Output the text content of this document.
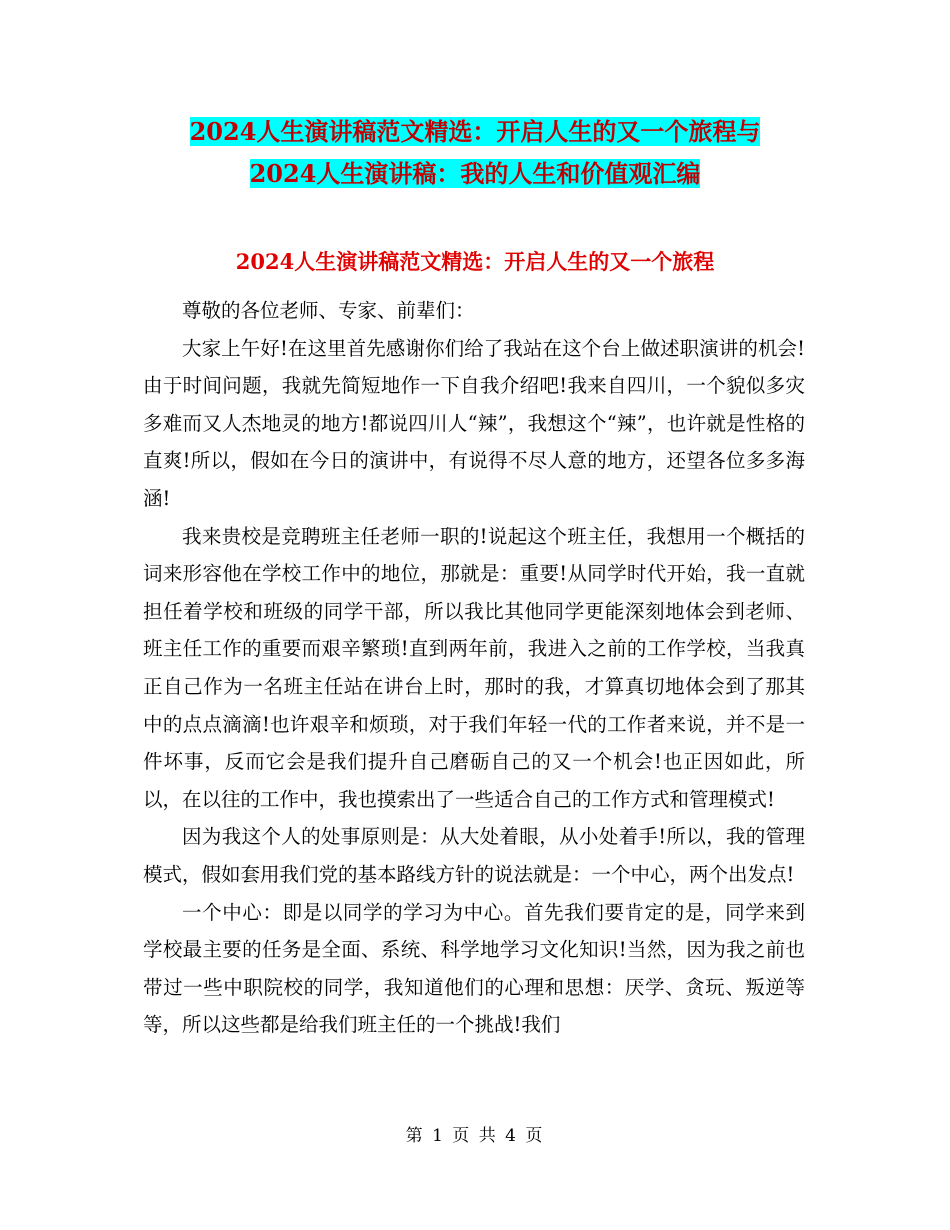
2024人生演讲稿范文精选：开启人生的又一个旅程与
2024人生演讲稿：我的人生和价值观汇编
2024人生演讲稿范文精选：开启人生的又一个旅程

尊敬的各位老师、专家、前辈们：

大家上午好!在这里首先感谢你们给了我站在这个台上做述职演讲的机会!由于时间问题，我就先简短地作一下自我介绍吧!我来自四川，一个貌似多灾多难而又人杰地灵的地方!都说四川人“辣”，我想这个“辣”，也许就是性格的直爽!所以，假如在今日的演讲中，有说得不尽人意的地方，还望各位多多海涵!

我来贵校是竞聘班主任老师一职的!说起这个班主任，我想用一个概括的词来形容他在学校工作中的地位，那就是：重要!从同学时代开始，我一直就担任着学校和班级的同学干部，所以我比其他同学更能深刻地体会到老师、班主任工作的重要而艰辛繁琐!直到两年前，我进入之前的工作学校，当我真正自己作为一名班主任站在讲台上时，那时的我，才算真切地体会到了那其中的点点滴滴!也许艰辛和烦琐，对于我们年轻一代的工作者来说，并不是一件坏事，反而它会是我们提升自己磨砺自己的又一个机会!也正因如此，所以，在以往的工作中，我也摸索出了一些适合自己的工作方式和管理模式!

因为我这个人的处事原则是：从大处着眼，从小处着手!所以，我的管理模式，假如套用我们党的基本路线方针的说法就是：一个中心，两个出发点!

一个中心：即是以同学的学习为中心。首先我们要肯定的是，同学来到学校最主要的任务是全面、系统、科学地学习文化知识!当然，因为我之前也带过一些中职院校的同学，我知道他们的心理和思想：厌学、贪玩、叛逆等等，所以这些都是给我们班主任的一个挑战!我们

第 1 页 共 4 页
